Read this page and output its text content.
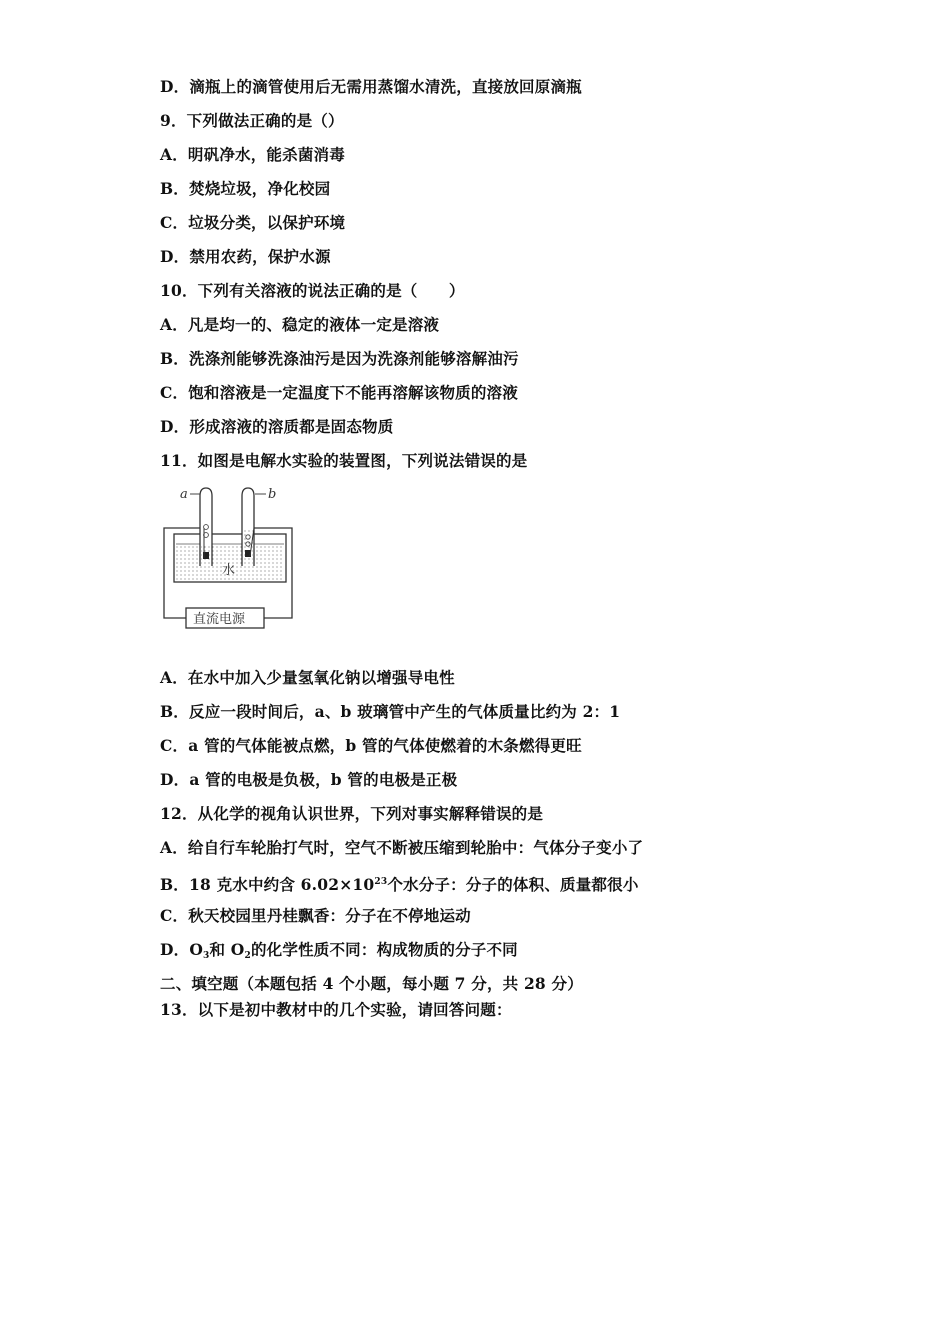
D．滴瓶上的滴管使用后无需用蒸馏水清洗，直接放回原滴瓶
9．下列做法正确的是（）
A．明矾净水，能杀菌消毒
B．焚烧垃圾，净化校园
C．垃圾分类，以保护环境
D．禁用农药，保护水源
10．下列有关溶液的说法正确的是（　　）
A．凡是均一的、稳定的液体一定是溶液
B．洗涤剂能够洗涤油污是因为洗涤剂能够溶解油污
C．饱和溶液是一定温度下不能再溶解该物质的溶液
D．形成溶液的溶质都是固态物质
11．如图是电解水实验的装置图，下列说法错误的是
a	b
水
直流电源
A．在水中加入少量氢氧化钠以增强导电性
B．反应一段时间后，a、b 玻璃管中产生的气体质量比约为 2：1
C．a 管的气体能被点燃，b 管的气体使燃着的木条燃得更旺
D．a 管的电极是负极，b 管的电极是正极
12．从化学的视角认识世界，下列对事实解释错误的是
A．给自行车轮胎打气时，空气不断被压缩到轮胎中：气体分子变小了
B．18 克水中约含 $6.02\times 10^{23}$个水分子：分子的体积、质量都很小
C．秋天校园里丹桂飘香：分子在不停地运动
D．$O_3$和 $O_2$的化学性质不同：构成物质的分子不同
二、填空题（本题包括 4 个小题，每小题 7 分，共 28 分）
13．以下是初中教材中的几个实验，请回答问题：
